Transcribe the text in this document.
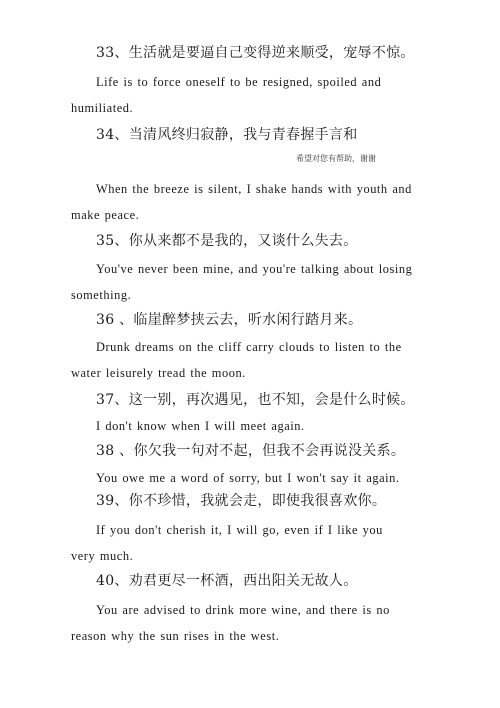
33、生活就是要逼自己变得逆来顺受，宠辱不惊。
Life is to force oneself to be resigned, spoiled and
humiliated.
34、当清风终归寂静，我与青春握手言和
希望对您有帮助，谢谢
When the breeze is silent, I shake hands with youth and
make peace.
35、你从来都不是我的，又谈什么失去。
You've never been mine, and you're talking about losing
something.
36 、临崖醉梦挟云去，听水闲行踏月来。
Drunk dreams on the cliff carry clouds to listen to the
water leisurely tread the moon.
37、这一别，再次遇见，也不知，会是什么时候。
I don't know when I will meet again.
38 、你欠我一句对不起，但我不会再说没关系。
You owe me a word of sorry, but I won't say it again.
39、你不珍惜，我就会走，即使我很喜欢你。
If you don't cherish it, I will go, even if I like you
very much.
40、劝君更尽一杯酒，西出阳关无故人。
You are advised to drink more wine, and there is no
reason why the sun rises in the west.
